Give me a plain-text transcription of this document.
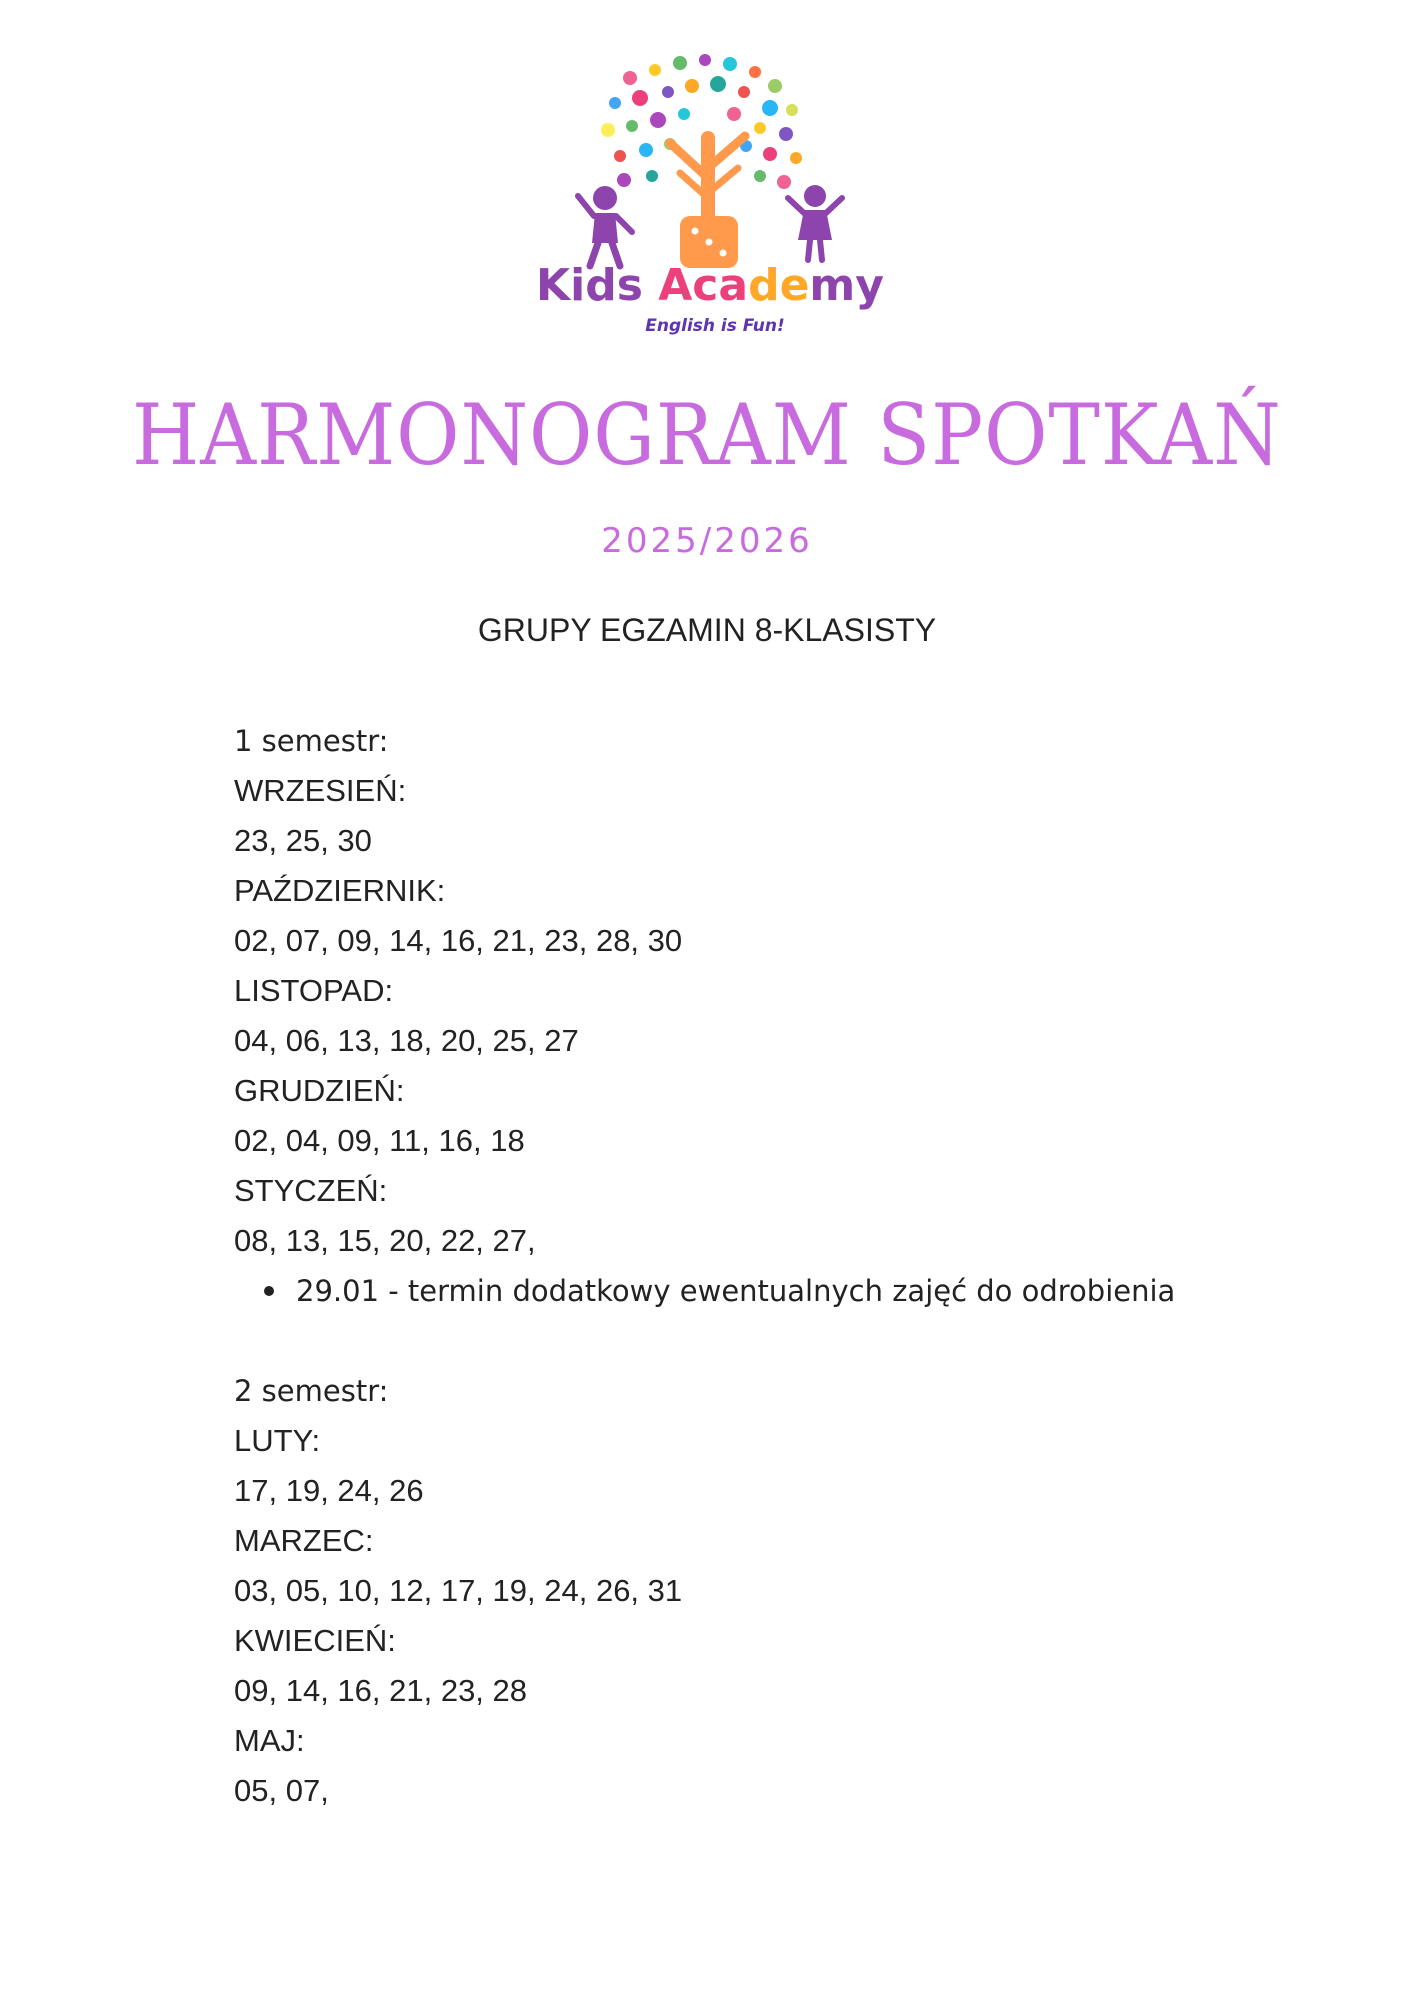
Kids Academy
English is Fun!
HARMONOGRAM SPOTKAŃ
2025/2026
GRUPY EGZAMIN 8-KLASISTY
1 semestr:
WRZESIEŃ:
23, 25, 30
PAŹDZIERNIK:
02, 07, 09, 14, 16, 21, 23, 28, 30
LISTOPAD:
04, 06, 13, 18, 20, 25, 27
GRUDZIEŃ:
02, 04, 09, 11, 16, 18
STYCZEŃ:
08, 13, 15, 20, 22, 27,
29.01 - termin dodatkowy ewentualnych zajęć do odrobienia
2 semestr:
LUTY:
17, 19, 24, 26
MARZEC:
03, 05, 10, 12, 17, 19, 24, 26, 31
KWIECIEŃ:
09, 14, 16, 21, 23, 28
MAJ:
05, 07,
